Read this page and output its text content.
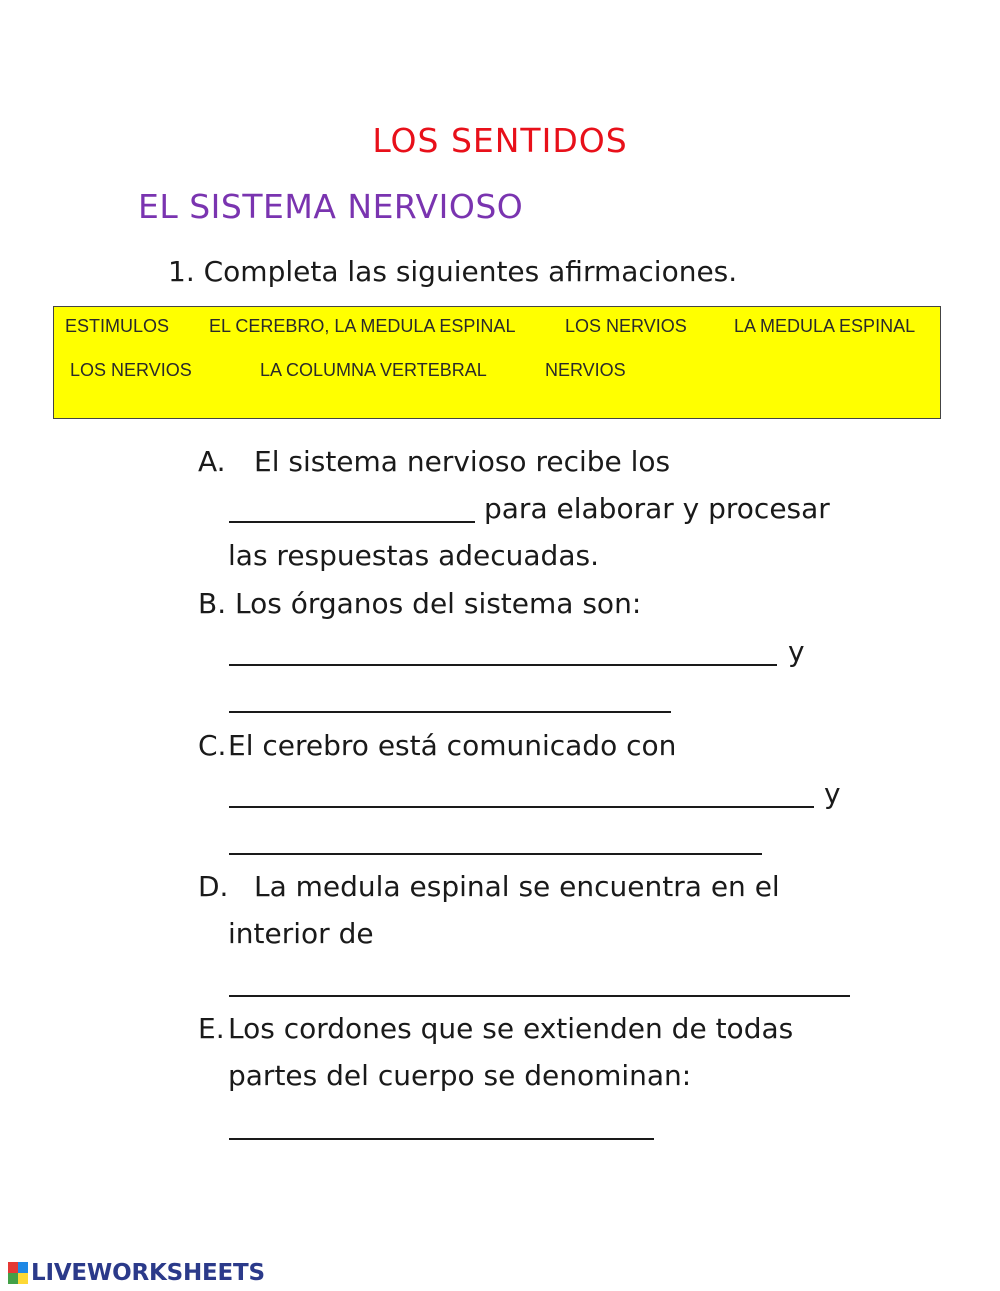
LOS SENTIDOS
EL SISTEMA NERVIOSO
1. Completa las siguientes afirmaciones.
ESTIMULOS EL CEREBRO, LA MEDULA ESPINAL	LOS NERVIOS	LA MEDULA ESPINAL
LOS NERVIOS	LA COLUMNA VERTEBRAL	NERVIOS
A. El sistema nervioso recibe los
para elaborar y procesar
las respuestas adecuadas.
B. Los órganos del sistema son:
y
C. El cerebro está comunicado con
y
D. La medula espinal se encuentra en el
interior de
E. Los cordones que se extienden de todas
partes del cuerpo se denominan:
LIVEWORKSHEETS
